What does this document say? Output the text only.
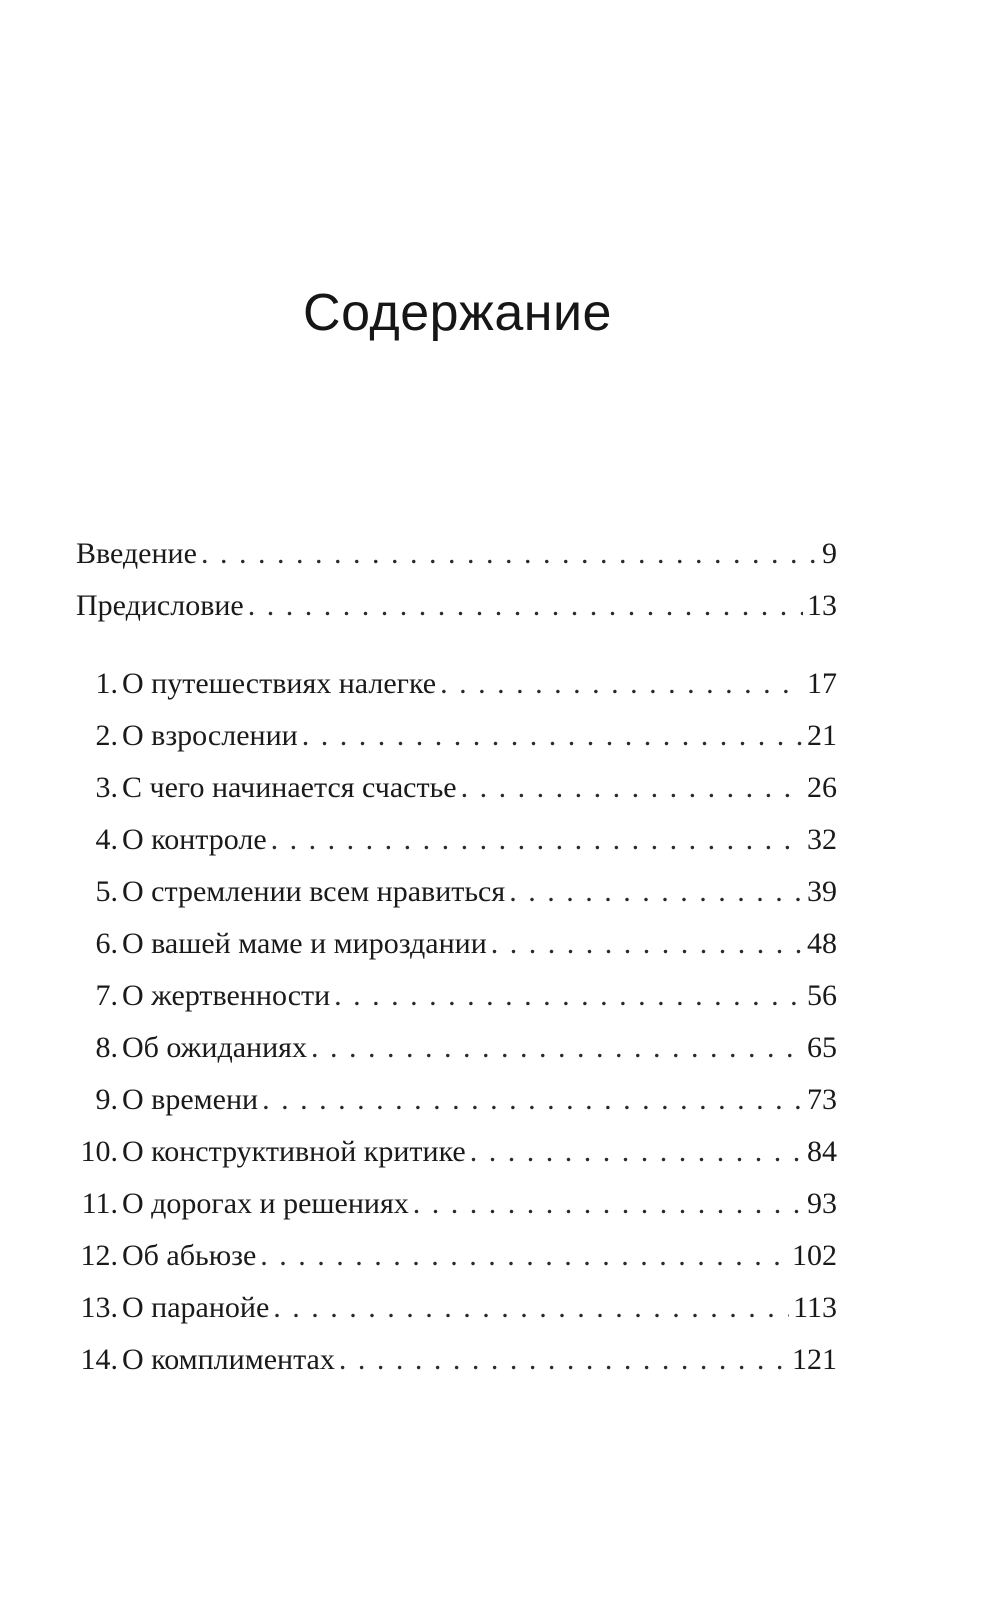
Содержание
Введение . . .	9
Предисловие . . .	13
1. О путешествиях налегке . . .	17
2. О взрослении . . .	21
3. С чего начинается счастье . . .	26
4. О контроле . . .	32
5. О стремлении всем нравиться . . .	39
6. О вашей маме и мироздании . . .	48
7. О жертвенности . . .	56
8. Об ожиданиях . . .	65
9. О времени . . .	73
10. О конструктивной критике . . .	84
11. О дорогах и решениях . . .	93
12. Об абьюзе . . .	102
13. О паранойе . . .	113
14. О комплиментах . . .	121
